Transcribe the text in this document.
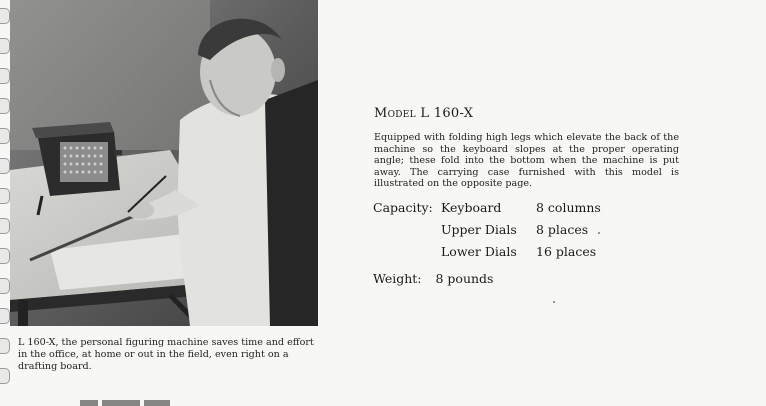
L 160-X, the personal figuring machine saves time and effort in the office, at home or out in the field, even right on a drafting board.
Model L 160-X
Equipped with folding high legs which elevate the back of the machine so the keyboard slopes at the proper operating angle; these fold into the bottom when the machine is put away. The carrying case furnished with this model is illustrated on the opposite page.
Capacity:	Keyboard	8 columns
	Upper Dials	8 places
	Lower Dials	16 places
Weight: 8 pounds
